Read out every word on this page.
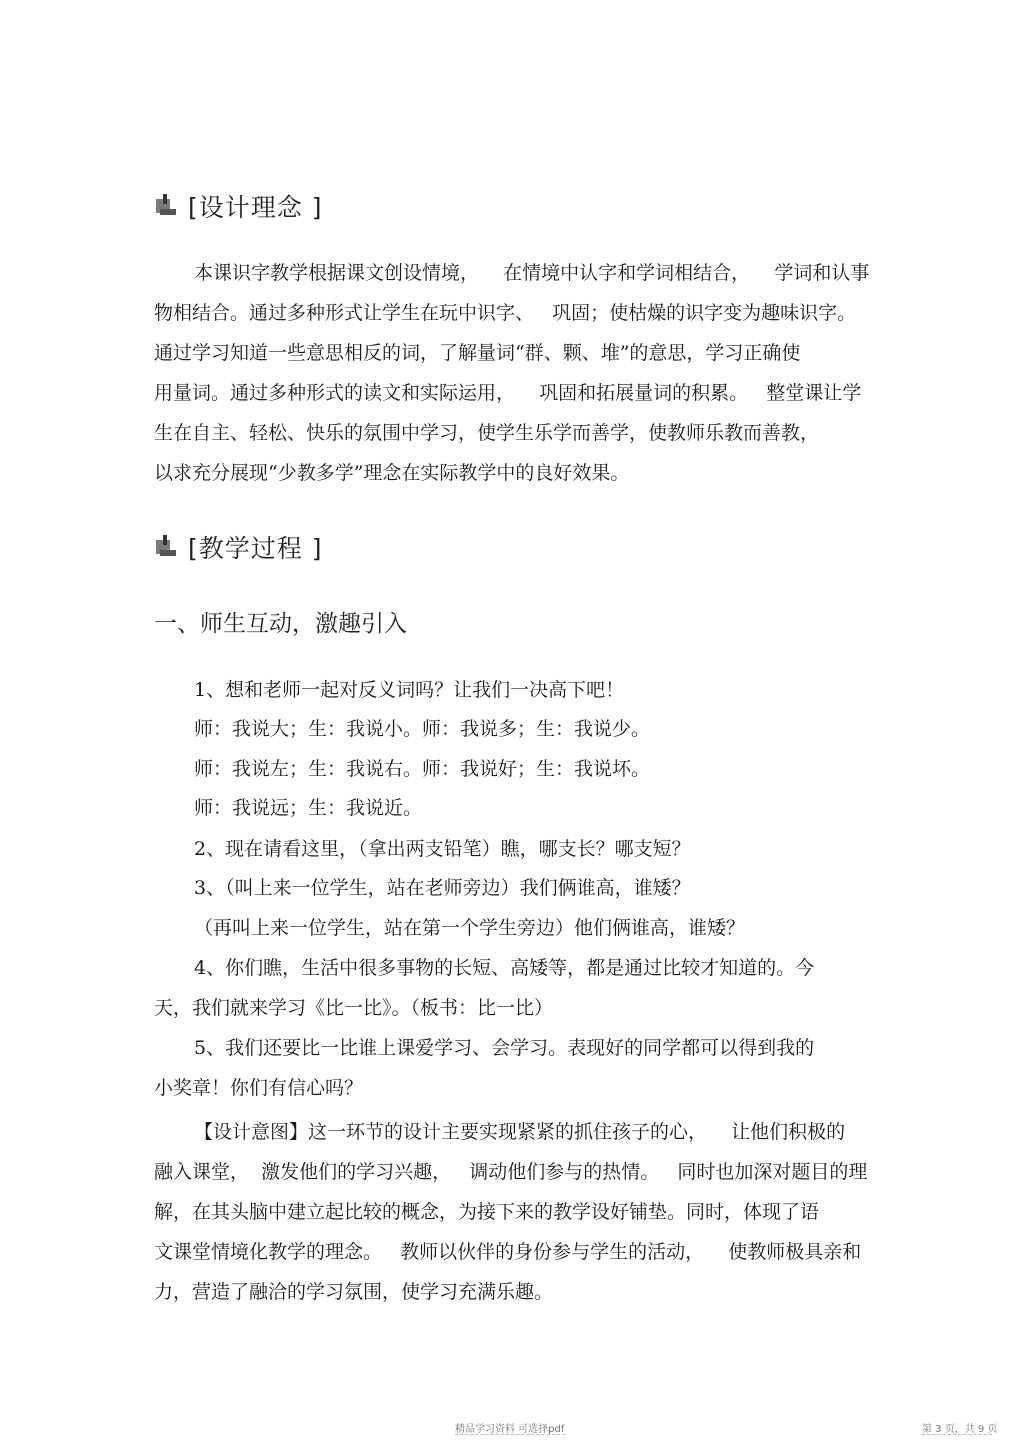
[设计理念 ]
本课识字教学根据课文创设情境，    在情境中认字和学词相结合，    学词和认事
物相结合。通过多种形式让学生在玩中识字、   巩固；使枯燥的识字变为趣味识字。
通过学习知道一些意思相反的词，了解量词“群、颗、堆”的意思，学习正确使
用量词。通过多种形式的读文和实际运用，    巩固和拓展量词的积累。   整堂课让学
生在自主、轻松、快乐的氛围中学习，使学生乐学而善学，使教师乐教而善教，
以求充分展现“少教多学”理念在实际教学中的良好效果。
[教学过程 ]
一、师生互动，激趣引入
1、想和老师一起对反义词吗？让我们一决高下吧！
师：我说大；生：我说小。师：我说多；生：我说少。
师：我说左；生：我说右。师：我说好；生：我说坏。
师：我说远；生：我说近。
2、现在请看这里，（拿出两支铅笔）瞧，哪支长？哪支短？
3、（叫上来一位学生，站在老师旁边）我们俩谁高，谁矮？
（再叫上来一位学生，站在第一个学生旁边）他们俩谁高，谁矮？
4、你们瞧，生活中很多事物的长短、高矮等，都是通过比较才知道的。今
天，我们就来学习《比一比》。（板书：比一比）
5、我们还要比一比谁上课爱学习、会学习。表现好的同学都可以得到我的
小奖章！你们有信心吗？
【设计意图】这一环节的设计主要实现紧紧的抓住孩子的心，    让他们积极的
融入课堂，  激发他们的学习兴趣，   调动他们参与的热情。   同时也加深对题目的理
解，在其头脑中建立起比较的概念，为接下来的教学设好铺垫。同时，体现了语
文课堂情境化教学的理念。   教师以伙伴的身份参与学生的活动，    使教师极具亲和
力，营造了融洽的学习氛围，使学习充满乐趣。
精品学习资料 可选择pdf	第 3 页，共 9 页
